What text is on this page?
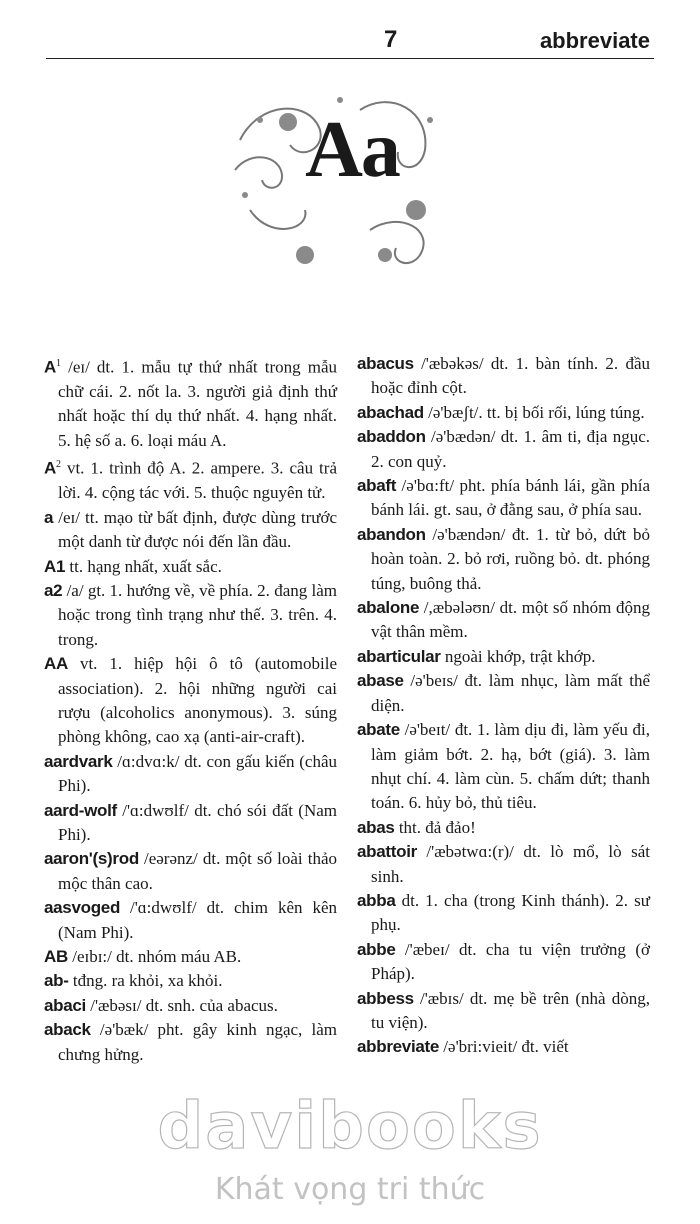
7	abbreviate
Aa
$A^1$ /eɪ/ dt. 1. mẫu tự thứ nhất trong mẫu chữ cái. 2. nốt la. 3. người giả định thứ nhất hoặc thí dụ thứ nhất. 4. hạng nhất. 5. hệ số a. 6. loại máu A.
$A^2$ vt. 1. trình độ A. 2. ampere. 3. câu trả lời. 4. cộng tác với. 5. thuộc nguyên tử.
a /eɪ/ tt. mạo từ bất định, được dùng trước một danh từ được nói đến lần đầu.
A1 tt. hạng nhất, xuất sắc.
a2 /a/ gt. 1. hướng về, về phía. 2. đang làm hoặc trong tình trạng như thế. 3. trên. 4. trong.
AA vt. 1. hiệp hội ô tô (automobile association). 2. hội những người cai rượu (alcoholics anonymous). 3. súng phòng không, cao xạ (anti-air-craft).
aardvark /ɑ:dvɑ:k/ dt. con gấu kiến (châu Phi).
aard-wolf /'ɑ:dwʊlf/ dt. chó sói đất (Nam Phi).
aaron'(s)rod /eərənz/ dt. một số loài thảo mộc thân cao.
aasvoged /'ɑ:dwʊlf/ dt. chim kên kên (Nam Phi).
AB /eɪbɪ:/ dt. nhóm máu AB.
ab- tđng. ra khỏi, xa khỏi.
abaci /'æbəsɪ/ dt. snh. của abacus.
aback /ə'bæk/ pht. gây kinh ngạc, làm chưng hửng.
abacus /'æbəkəs/ dt. 1. bàn tính. 2. đầu hoặc đỉnh cột.
abachad /ə'bæʃt/. tt. bị bối rối, lúng túng.
abaddon /ə'bædən/ dt. 1. âm ti, địa ngục. 2. con quỷ.
abaft /ə'bɑ:ft/ pht. phía bánh lái, gần phía bánh lái. gt. sau, ở đằng sau, ở phía sau.
abandon /ə'bændən/ đt. 1. từ bỏ, dứt bỏ hoàn toàn. 2. bỏ rơi, ruồng bỏ. dt. phóng túng, buông thả.
abalone /,æbələʊn/ dt. một số nhóm động vật thân mềm.
abarticular ngoài khớp, trật khớp.
abase /ə'beɪs/ đt. làm nhục, làm mất thể diện.
abate /ə'beɪt/ đt. 1. làm dịu đi, làm yếu đi, làm giảm bớt. 2. hạ, bớt (giá). 3. làm nhụt chí. 4. làm cùn. 5. chấm dứt; thanh toán. 6. hủy bỏ, thủ tiêu.
abas tht. đả đảo!
abattoir /'æbətwɑ:(r)/ dt. lò mổ, lò sát sinh.
abba dt. 1. cha (trong Kinh thánh). 2. sư phụ.
abbe /'æbeɪ/ dt. cha tu viện trưởng (ở Pháp).
abbess /'æbɪs/ dt. mẹ bề trên (nhà dòng, tu viện).
abbreviate /ə'bri:vieit/ đt. viết
davibooks
Khát vọng tri thức
